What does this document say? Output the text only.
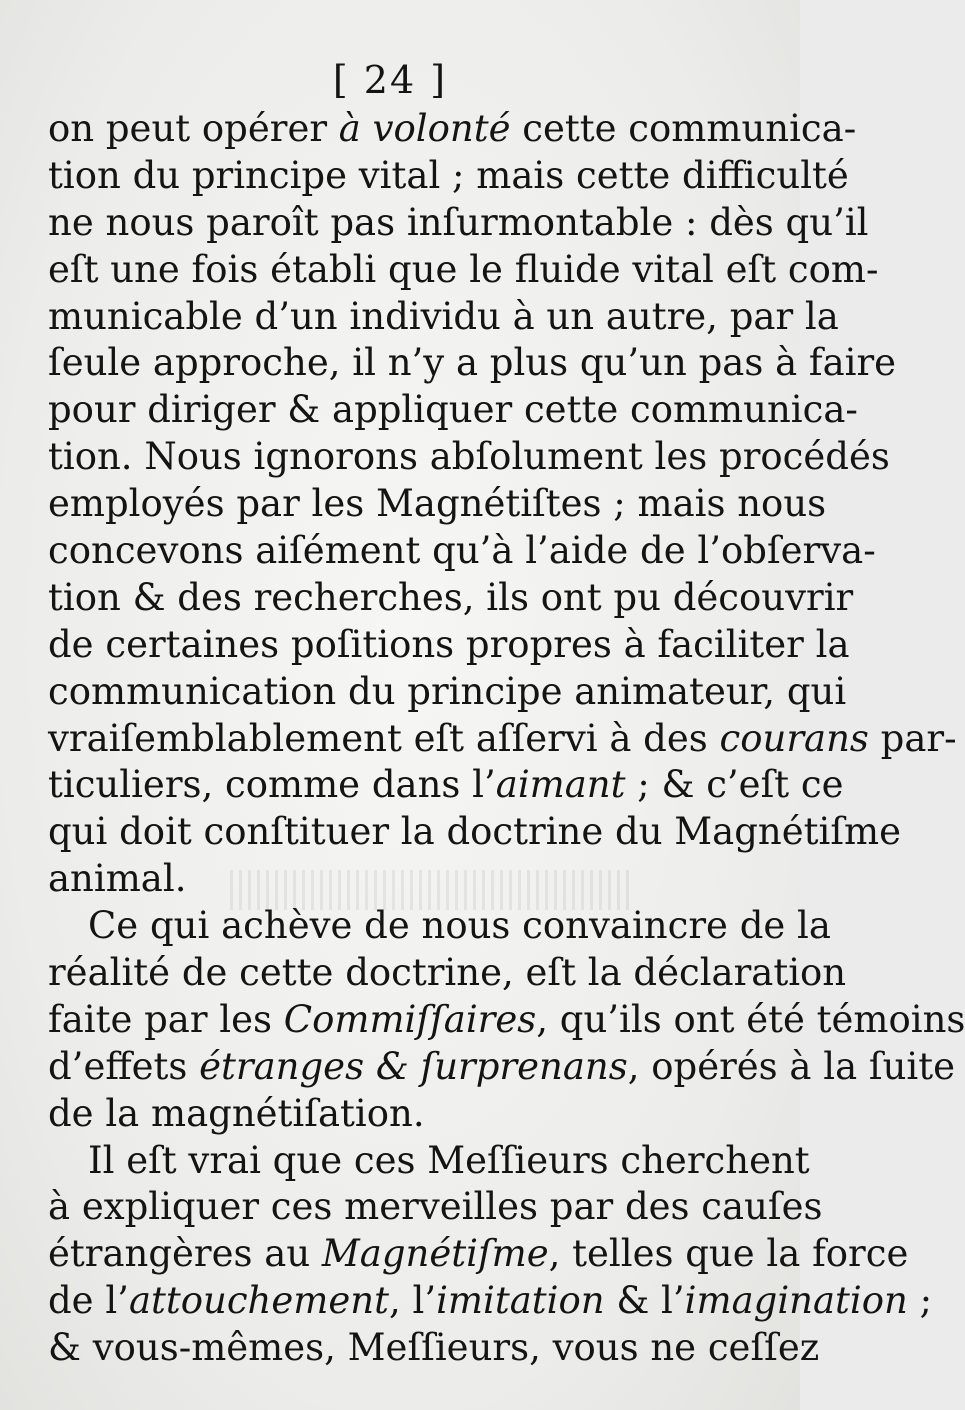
[ 24 ]
on peut opérer à volonté cette communica-
tion du principe vital ; mais cette difficulté
ne nous paroît pas inſurmontable : dès qu’il
eſt une fois établi que le fluide vital eſt com-
municable d’un individu à un autre, par la
ſeule approche, il n’y a plus qu’un pas à faire
pour diriger & appliquer cette communica-
tion. Nous ignorons abſolument les procédés
employés par les Magnétiſtes ; mais nous
concevons aiſément qu’à l’aide de l’obſerva-
tion & des recherches, ils ont pu découvrir
de certaines poſitions propres à faciliter la
communication du principe animateur, qui
vraiſemblablement eſt aſſervi à des courans par-
ticuliers, comme dans l’aimant ; & c’eſt ce
qui doit conſtituer la doctrine du Magnétiſme
animal.
Ce qui achève de nous convaincre de la
réalité de cette doctrine, eſt la déclaration
faite par les Commiſſaires, qu’ils ont été témoins
d’effets étranges & ſurprenans, opérés à la ſuite
de la magnétiſation.
Il eſt vrai que ces Meſſieurs cherchent
à expliquer ces merveilles par des cauſes
étrangères au Magnétiſme, telles que la force
de l’attouchement, l’imitation & l’imagination ;
& vous-mêmes, Meſſieurs, vous ne ceſſez
